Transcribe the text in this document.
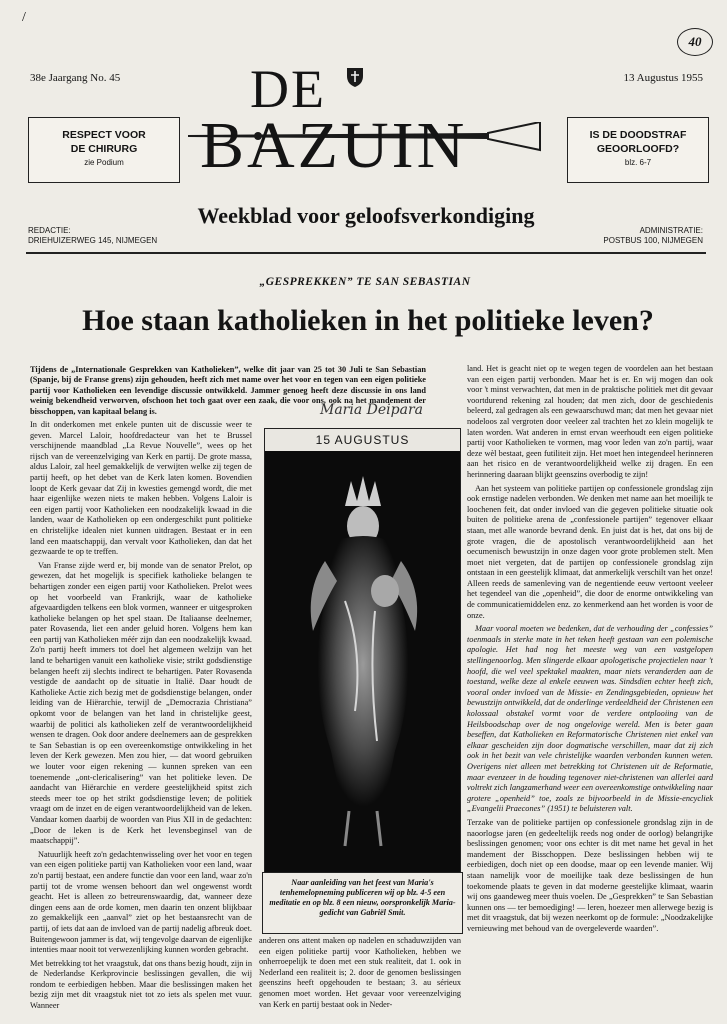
/
40
38e Jaargang No. 45	13 Augustus 1955
RESPECT VOOR
DE CHIRURG
zie Podium
IS DE DOODSTRAF
GEOORLOOFD?
blz. 6-7
DE
BAZUIN
Weekblad voor geloofsverkondiging
REDACTIE:
DRIEHUIZERWEG 145, NIJMEGEN
ADMINISTRATIE:
POSTBUS 100, NIJMEGEN
„GESPREKKEN” TE SAN SEBASTIAN
Hoe staan katholieken in het politieke leven?
Tijdens de „Internationale Gesprekken van Katholieken”, welke dit jaar van 25 tot 30 Juli te San Sebastian (Spanje, bij de Franse grens) zijn gehouden, heeft zich met name over het voor en tegen van een eigen politieke partij voor Katholieken een levendige discussie ontwikkeld. Jammer genoeg heeft deze discussie in ons land weinig bekendheid verworven, ofschoon het toch gaat over een zaak, die voor ons, ook na het mandement der bisschoppen, van kapitaal belang is.

In dit onderkomen met enkele punten uit de discussie weer te geven. Marcel Laloir, hoofdredacteur van het te Brussel verschijnende maandblad „La Revue Nouvelle”, wees op het rijsch van de vereenzelviging van Kerk en partij. De grote massa, aldus Laloir, zal heel gemakkelijk de verwijten welke zij tegen de partij heeft, op het debet van de Kerk laten komen. Bovendien loopt de Kerk gevaar dat Zij in kwesties gemengd wordt, die met haar eigenlijke wezen niets te maken hebben. Volgens Laloir is een eigen partij voor Katholieken een noodzakelijk kwaad in die landen, waar de Katholieken op een ondergeschikt punt politieke en christelijke idealen niet kunnen uitdragen. Bestaat er in een land een maatschappij, dan vervalt voor Katholieken, dan dat het gezwaarde te op te treffen.

Van Franse zijde werd er, bij monde van de senator Prelot, op gewezen, dat het mogelijk is specifiek katholieke belangen te behartigen zonder een eigen partij voor Katholieken. Prelot wees op het voorbeeld van Frankrijk, waar de katholieke afgevaardigden telkens een blok vormen, wanneer er uitgesproken katholieke belangen op het spel staan. De Italiaanse deelnemer, pater Rovasenda, liet een ander geluid horen. Volgens hem kan een partij van Katholieken méér zijn dan een noodzakelijk kwaad. Zo'n partij heeft immers tot doel het algemeen welzijn van het land te behartigen vanuit een katholieke visie; strikt godsdienstige belangen heeft zij slechts indirect te behartigen. Pater Rovasenda vestigde de aandacht op de situatie in Italië. Daar houdt de Katholieke Actie zich bezig met de godsdienstige belangen, onder leiding van de Hiërarchie, terwijl de „Democrazia Christiana” opkomt voor de belangen van het land in christelijke geest, waarbij de politici als katholieken zelf de verantwoordelijkheid wensen te dragen. Ook door andere deelnemers aan de gesprekken te San Sebastian is op een overeenkomstige ontwikkeling in het leven der Kerk gewezen. Men zou hier, — dat woord gebruiken we louter voor eigen rekening — kunnen spreken van een toenemende „ont-clericalisering” van het politieke leven. De aandacht van Hiërarchie en verdere geestelijkheid spitst zich steeds meer toe op het strikt godsdienstige leven; de politiek vraagt om de inzet en de eigen verantwoordelijkheid van de leken. Vandaar komen daarbij de woorden van Pius XII in de gedachten: „Door de leken is de Kerk het levensbeginsel van de maatschappij”.

Natuurlijk heeft zo'n gedachtenwisseling over het voor en tegen van een eigen politieke partij van Katholieken voor een land, waar zo'n partij bestaat, een andere functie dan voor een land, waar zo'n partij tot de vrome wensen behoort dan wel ongewenst wordt geacht. Het is alleen zo betreurenswaardig, dat, wanneer deze dingen eens aan de orde komen, men daarin ten onzent blijkbaar zo gemakkelijk een „aanval” ziet op het bestaansrecht van de partij, of iets dat aan de invloed van de partij nadelig afbreuk doet. Buitengewoon jammer is dat, wij tengevolge daarvan de eigenlijke intenties maar nooit tot verwezenlijking kunnen worden gebracht.

Met betrekking tot het vraagstuk, dat ons thans bezig houdt, zijn in de Nederlandse Kerkprovincie beslissingen gevallen, die wij rondom te eerbiedigen hebben. Maar die beslissingen maken het bezig zijn met dit vraagstuk niet tot zo iets als spelen met vuur. Wanneer

Maria Deipara
15 AUGUSTUS
Naar aanleiding van het feest van Maria's tenhemelopneming publiceren wij op blz. 4-5 een meditatie en op blz. 8 een nieuw, oorspronkelijk Maria-gedicht van Gabriël Smit.

anderen ons attent maken op nadelen en schaduwzijden van een eigen politieke partij voor Katholieken, hebben we onherroepelijk te doen met een stuk realiteit, dat 1. ook in Nederland een realiteit is; 2. door de genomen beslissingen geenszins heeft opgehouden te bestaan; 3. au sérieux genomen moet worden. Het gevaar voor vereenzelviging van Kerk en partij bestaat ook in Neder-

land. Het is geacht niet op te wegen tegen de voordelen aan het bestaan van een eigen partij verbonden. Maar het is er. En wij mogen dan ook voor 't minst verwachten, dat men in de praktische politiek met dit gevaar voortdurend rekening zal houden; dat men zich, door de geschiedenis beleerd, zal gedragen als een gewaarschuwd man; dat men het gevaar niet nodeloos zal vergroten door veeleer zal trachten het zo klein mogelijk te laten worden. Wat anderen in ernst ervan weerhoudt een eigen politieke partij voor Katholieken te vormen, mag voor leden van zo'n partij, waar deze wèl bestaat, geen futiliteit zijn. Het moet hen integendeel herinneren aan het risico en de verantwoordelijkheid welke zij dragen. En een herinnering daaraan blijkt geenszins overbodig te zijn!

Aan het systeem van politieke partijen op confessionele grondslag zijn ook ernstige nadelen verbonden. We denken met name aan het moeilijk te loochenen feit, dat onder invloed van die gegeven politieke situatie ook buiten de politieke arena de „confessionele partijen” tegenover elkaar staan, met alle wanorde bevrand denk. En juist dat is het, dat ons bij de grote vragen, die de apostolisch verantwoordelijkheid aan het oecumenisch bewustzijn in onze dagen voor grote problemen stelt. Men moet niet vergeten, dat de partijen op confessionele grondslag zijn ontstaan in een geestelijk klimaat, dat anmerkelijk verschilt van het onze! Alleen reeds de samenleving van de negentiende eeuw vertoont veeleer het tegendeel van die „openheid”, die door de enorme ontwikkeling van de communicatiemiddelen enz. zo kenmerkend aan het worden is voor de onze.

Maar vooral moeten we bedenken, dat de verhouding der „confessies” toenmaals in sterke mate in het teken heeft gestaan van een polemische apologie. Het had nog het meeste weg van een vastgelopen stellingenoorlog. Men slingerde elkaar apologetische projectielen naar 't hoofd, die wel veel spektakel maakten, maar niets veranderden aan de toestand, welke deze al enkele eeuwen was. Sindsdien echter heeft zich, vooral onder invloed van de Missie- en Zendingsgebieden, opnieuw het bewustzijn ontwikkeld, dat de onderlinge verdeeldheid der Christenen een kolossaal obstakel vormt voor de verdere ontplooiing van de Heilsboodschap over de nog ongelovige wereld. Men is beter gaan beseffen, dat Katholieken en Reformatorische Christenen niet enkel van elkaar gescheiden zijn door dogmatische verschillen, maar dat zij zich ook in het bezit van vele christelijke waarden verbonden kunnen weten. Overigens niet alleen met betrekking tot Christenen uit de Reformatie, maar evenzeer in de houding tegenover niet-christenen van allerlei aard voltrekt zich langzamerhand weer een overeenkomstige ontwikkeling naar grotere „openheid” toe, zoals ze bijvoorbeeld in de Missie-encycliek „Evangelii Praecones” (1951) te beluisteren valt.

Terzake van de politieke partijen op confessionele grondslag zijn in de naoorlogse jaren (en gedeeltelijk reeds nog onder de oorlog) belangrijke beslissingen genomen; voor ons echter is dit met name het geval in het mandement der Bisschoppen. Deze beslissingen hebben wij te eerbiedigen, doch niet op een doodse, maar op een levende manier. Wij staan namelijk voor de moeilijke taak deze beslissingen de hun toekomende plaats te geven in dat moderne geestelijke klimaat, waarin wij ons gaandeweg meer thuis voelen. De „Gesprekken” te San Sebastian kunnen ons — ter bemoediging! — leren, hoezeer men allerwege bezig is met dit vraagstuk, dat bij wezen neerkomt op de formule: „Noodzakelijke vernieuwing met behoud van de overgeleverde waarden”.
